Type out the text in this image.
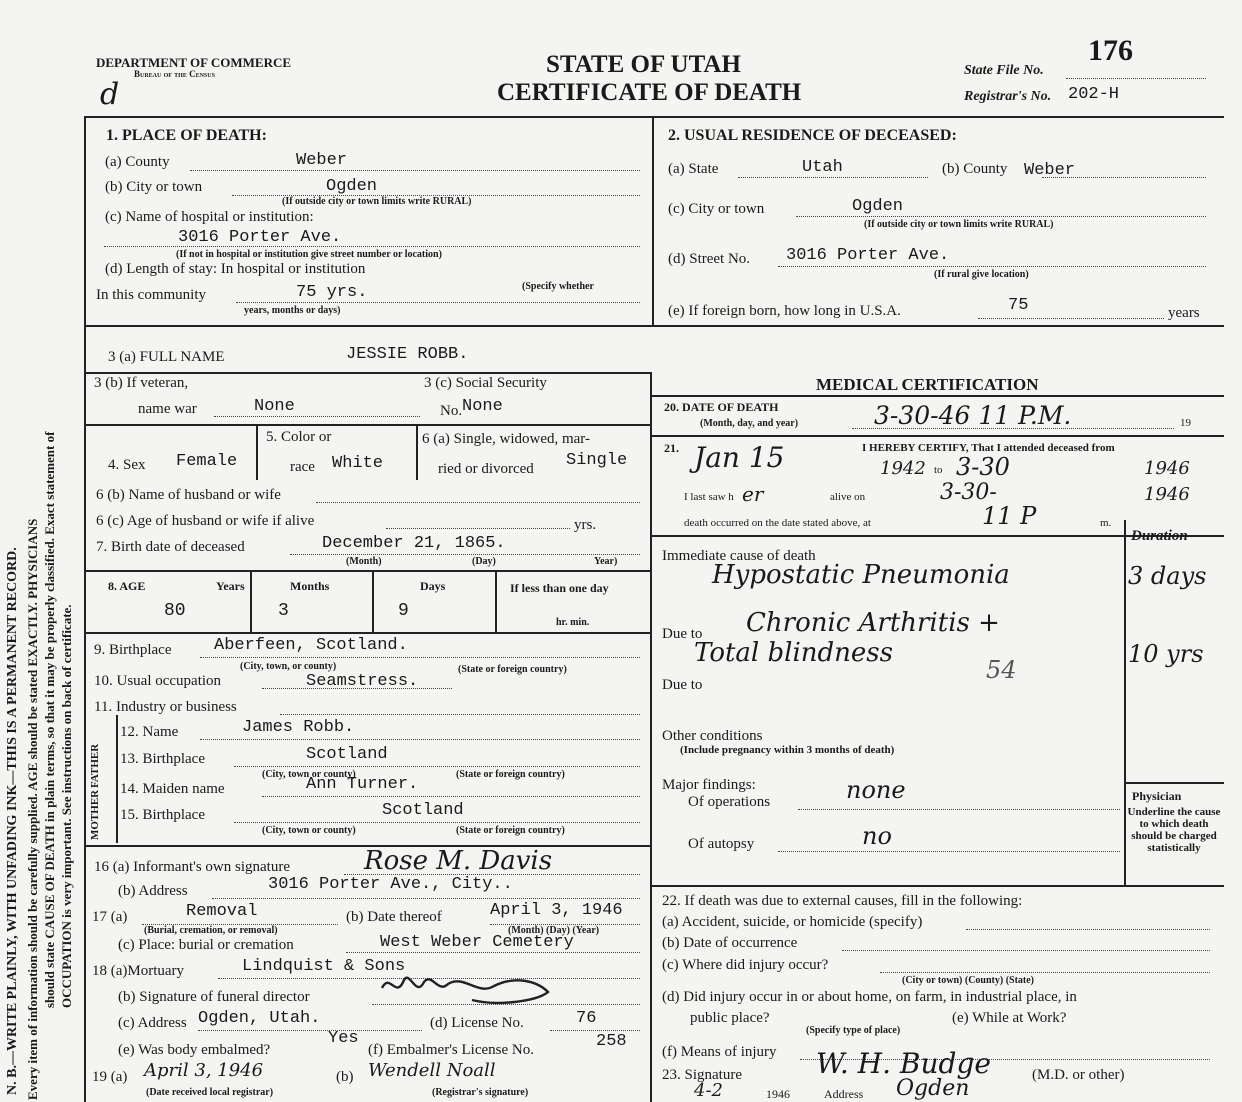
N. B.—WRITE PLAINLY, WITH UNFADING INK—THIS IS A PERMANENT RECORD. Every item of information should be carefully supplied. AGE should be stated EXACTLY. PHYSICIANS should state CAUSE OF DEATH in plain terms, so that it may be properly classified. Exact statement of OCCUPATION is very important. See instructions on back of certificate.
DEPARTMENT OF COMMERCE
Bureau of the Census
d
STATE OF UTAH
CERTIFICATE OF DEATH
State File No.
176
Registrar's No. 202-H
1. PLACE OF DEATH:
(a) County	Weber
(b) City or town	Ogden
(If outside city or town limits write RURAL)
(c) Name of hospital or institution:
3016 Porter Ave.
(If not in hospital or institution give street number or location)
(d) Length of stay: In hospital or institution
In this community	75 yrs.	(Specify whether
years, months or days)
2. USUAL RESIDENCE OF DECEASED:
(a) State	Utah	(b) County Weber
(c) City or town	Ogden
(If outside city or town limits write RURAL)
(d) Street No. 3016 Porter Ave.
(If rural give location)
(e) If foreign born, how long in U.S.A.	75	years
3 (a) FULL NAME	JESSIE ROBB.
3 (b) If veteran,
name war	None
3 (c) Social Security
No. None
4. Sex Female
5. Color or
race White
6 (a) Single, widowed, mar-
ried or divorced Single
6 (b) Name of husband or wife
6 (c) Age of husband or wife if alive	yrs.
7. Birth date of deceased	December 21, 1865.
(Month)	(Day)	Year)
8. AGE	Years	Months	Days	If less than one day
80	3	9
hr. min.
9. Birthplace	Aberfeen, Scotland.
(City, town, or county)	(State or foreign country)
10. Usual occupation	Seamstress.
11. Industry or business
FATHER
MOTHER
12. Name	James Robb.
13. Birthplace	Scotland
(City, town or county)	(State or foreign country)
14. Maiden name	Ann Turner.
15. Birthplace	Scotland
(City, town or county)	(State or foreign country)
16 (a) Informant's own signature	Rose M. Davis
(b) Address	3016 Porter Ave., City..
17 (a)	Removal
(Burial, cremation, or removal)
(b) Date thereof	April 3, 1946
(Month) (Day) (Year)
(c) Place: burial or cremation	West Weber Cemetery
18 (a)Mortuary	Lindquist & Sons
(b) Signature of funeral director
(c) Address Ogden, Utah.	(d) License No.	76
(e) Was body embalmed?
Yes
(f) Embalmer's License No.	258
19 (a) April 3, 1946	(b) Wendell Noall
(Date received local registrar)	(Registrar's signature)
MEDICAL CERTIFICATION
20. DATE OF DEATH
(Month, day, and year)	3-30-46 11 P.M.	19
21.	I HEREBY CERTIFY, That I attended deceased from
Jan 15	1942 to 3-30	1946
I last saw h er	alive on	3-30-	1946
death occurred on the date stated above, at	11 P	m.
Duration
Immediate cause of death
Hypostatic Pneumonia	3 days
Due to Chronic Arthritis +
Total blindness
54
10 yrs
Due to
Other conditions
(Include pregnancy within 3 months of death)
Major findings:
Of operations	none
Of autopsy	no
Physician
Underline the cause to which death should be charged statistically
22. If death was due to external causes, fill in the following:
(a) Accident, suicide, or homicide (specify)
(b) Date of occurrence
(c) Where did injury occur?
(City or town) (County) (State)
(d) Did injury occur in or about home, on farm, in industrial place, in
public place?
(Specify type of place)
(e) While at Work?
(f) Means of injury
23. Signature	W. H. Budge	(M.D. or other)
4-2	1946	Address Ogden
